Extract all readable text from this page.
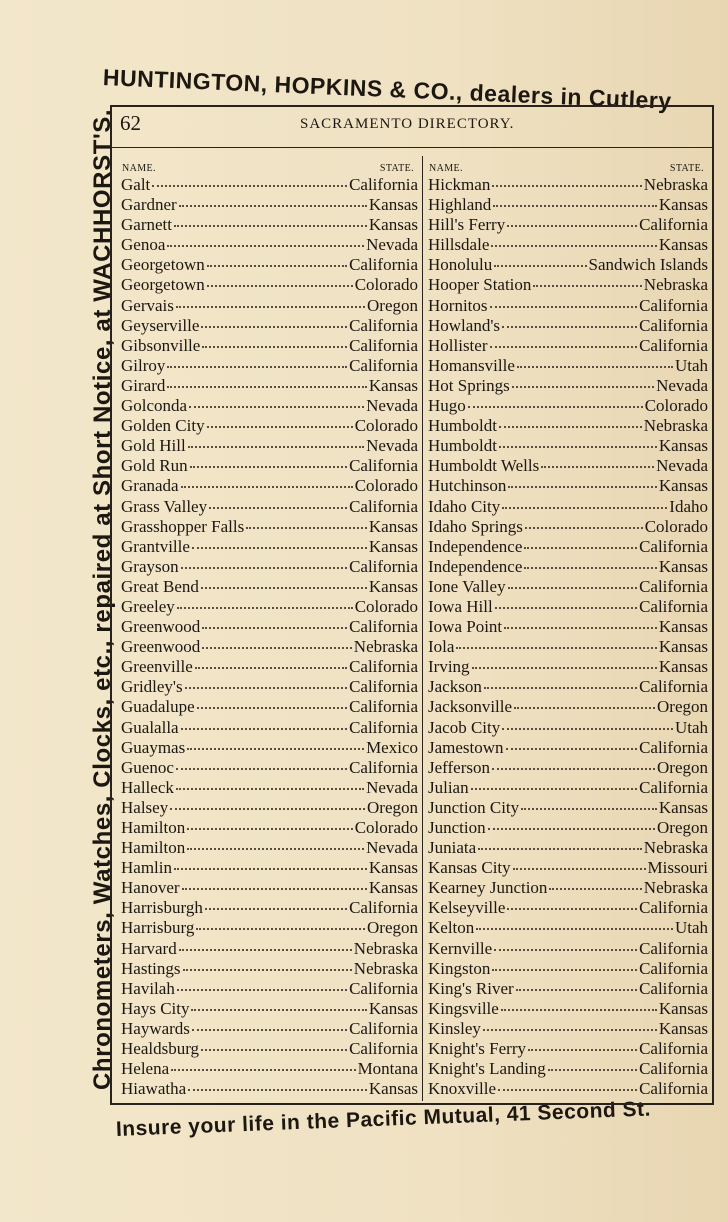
HUNTINGTON, HOPKINS & CO., dealers in Cutlery
Chronometers, Watches, Clocks, etc., repaired at Short Notice, at WACHHORST'S.
Insure your life in the Pacific Mutual, 41 Second St.
62	SACRAMENTO DIRECTORY.
NAME.	STATE.
Galt	California
Gardner	Kansas
Garnett	Kansas
Genoa	Nevada
Georgetown	California
Georgetown	Colorado
Gervais	Oregon
Geyserville	California
Gibsonville	California
Gilroy	California
Girard	Kansas
Golconda	Nevada
Golden City	Colorado
Gold Hill	Nevada
Gold Run	California
Granada	Colorado
Grass Valley	California
Grasshopper Falls	Kansas
Grantville	Kansas
Grayson	California
Great Bend	Kansas
Greeley	Colorado
Greenwood	California
Greenwood	Nebraska
Greenville	California
Gridley's	California
Guadalupe	California
Gualalla	California
Guaymas	Mexico
Guenoc	California
Halleck	Nevada
Halsey	Oregon
Hamilton	Colorado
Hamilton	Nevada
Hamlin	Kansas
Hanover	Kansas
Harrisburgh	California
Harrisburg	Oregon
Harvard	Nebraska
Hastings	Nebraska
Havilah	California
Hays City	Kansas
Haywards	California
Healdsburg	California
Helena	Montana
Hiawatha	Kansas
NAME.	STATE.
Hickman	Nebraska
Highland	Kansas
Hill's Ferry	California
Hillsdale	Kansas
Honolulu	Sandwich Islands
Hooper Station	Nebraska
Hornitos	California
Howland's	California
Hollister	California
Homansville	Utah
Hot Springs	Nevada
Hugo	Colorado
Humboldt	Nebraska
Humboldt	Kansas
Humboldt Wells	Nevada
Hutchinson	Kansas
Idaho City	Idaho
Idaho Springs	Colorado
Independence	California
Independence	Kansas
Ione Valley	California
Iowa Hill	California
Iowa Point	Kansas
Iola	Kansas
Irving	Kansas
Jackson	California
Jacksonville	Oregon
Jacob City	Utah
Jamestown	California
Jefferson	Oregon
Julian	California
Junction City	Kansas
Junction	Oregon
Juniata	Nebraska
Kansas City	Missouri
Kearney Junction	Nebraska
Kelseyville	California
Kelton	Utah
Kernville	California
Kingston	California
King's River	California
Kingsville	Kansas
Kinsley	Kansas
Knight's Ferry	California
Knight's Landing	California
Knoxville	California
